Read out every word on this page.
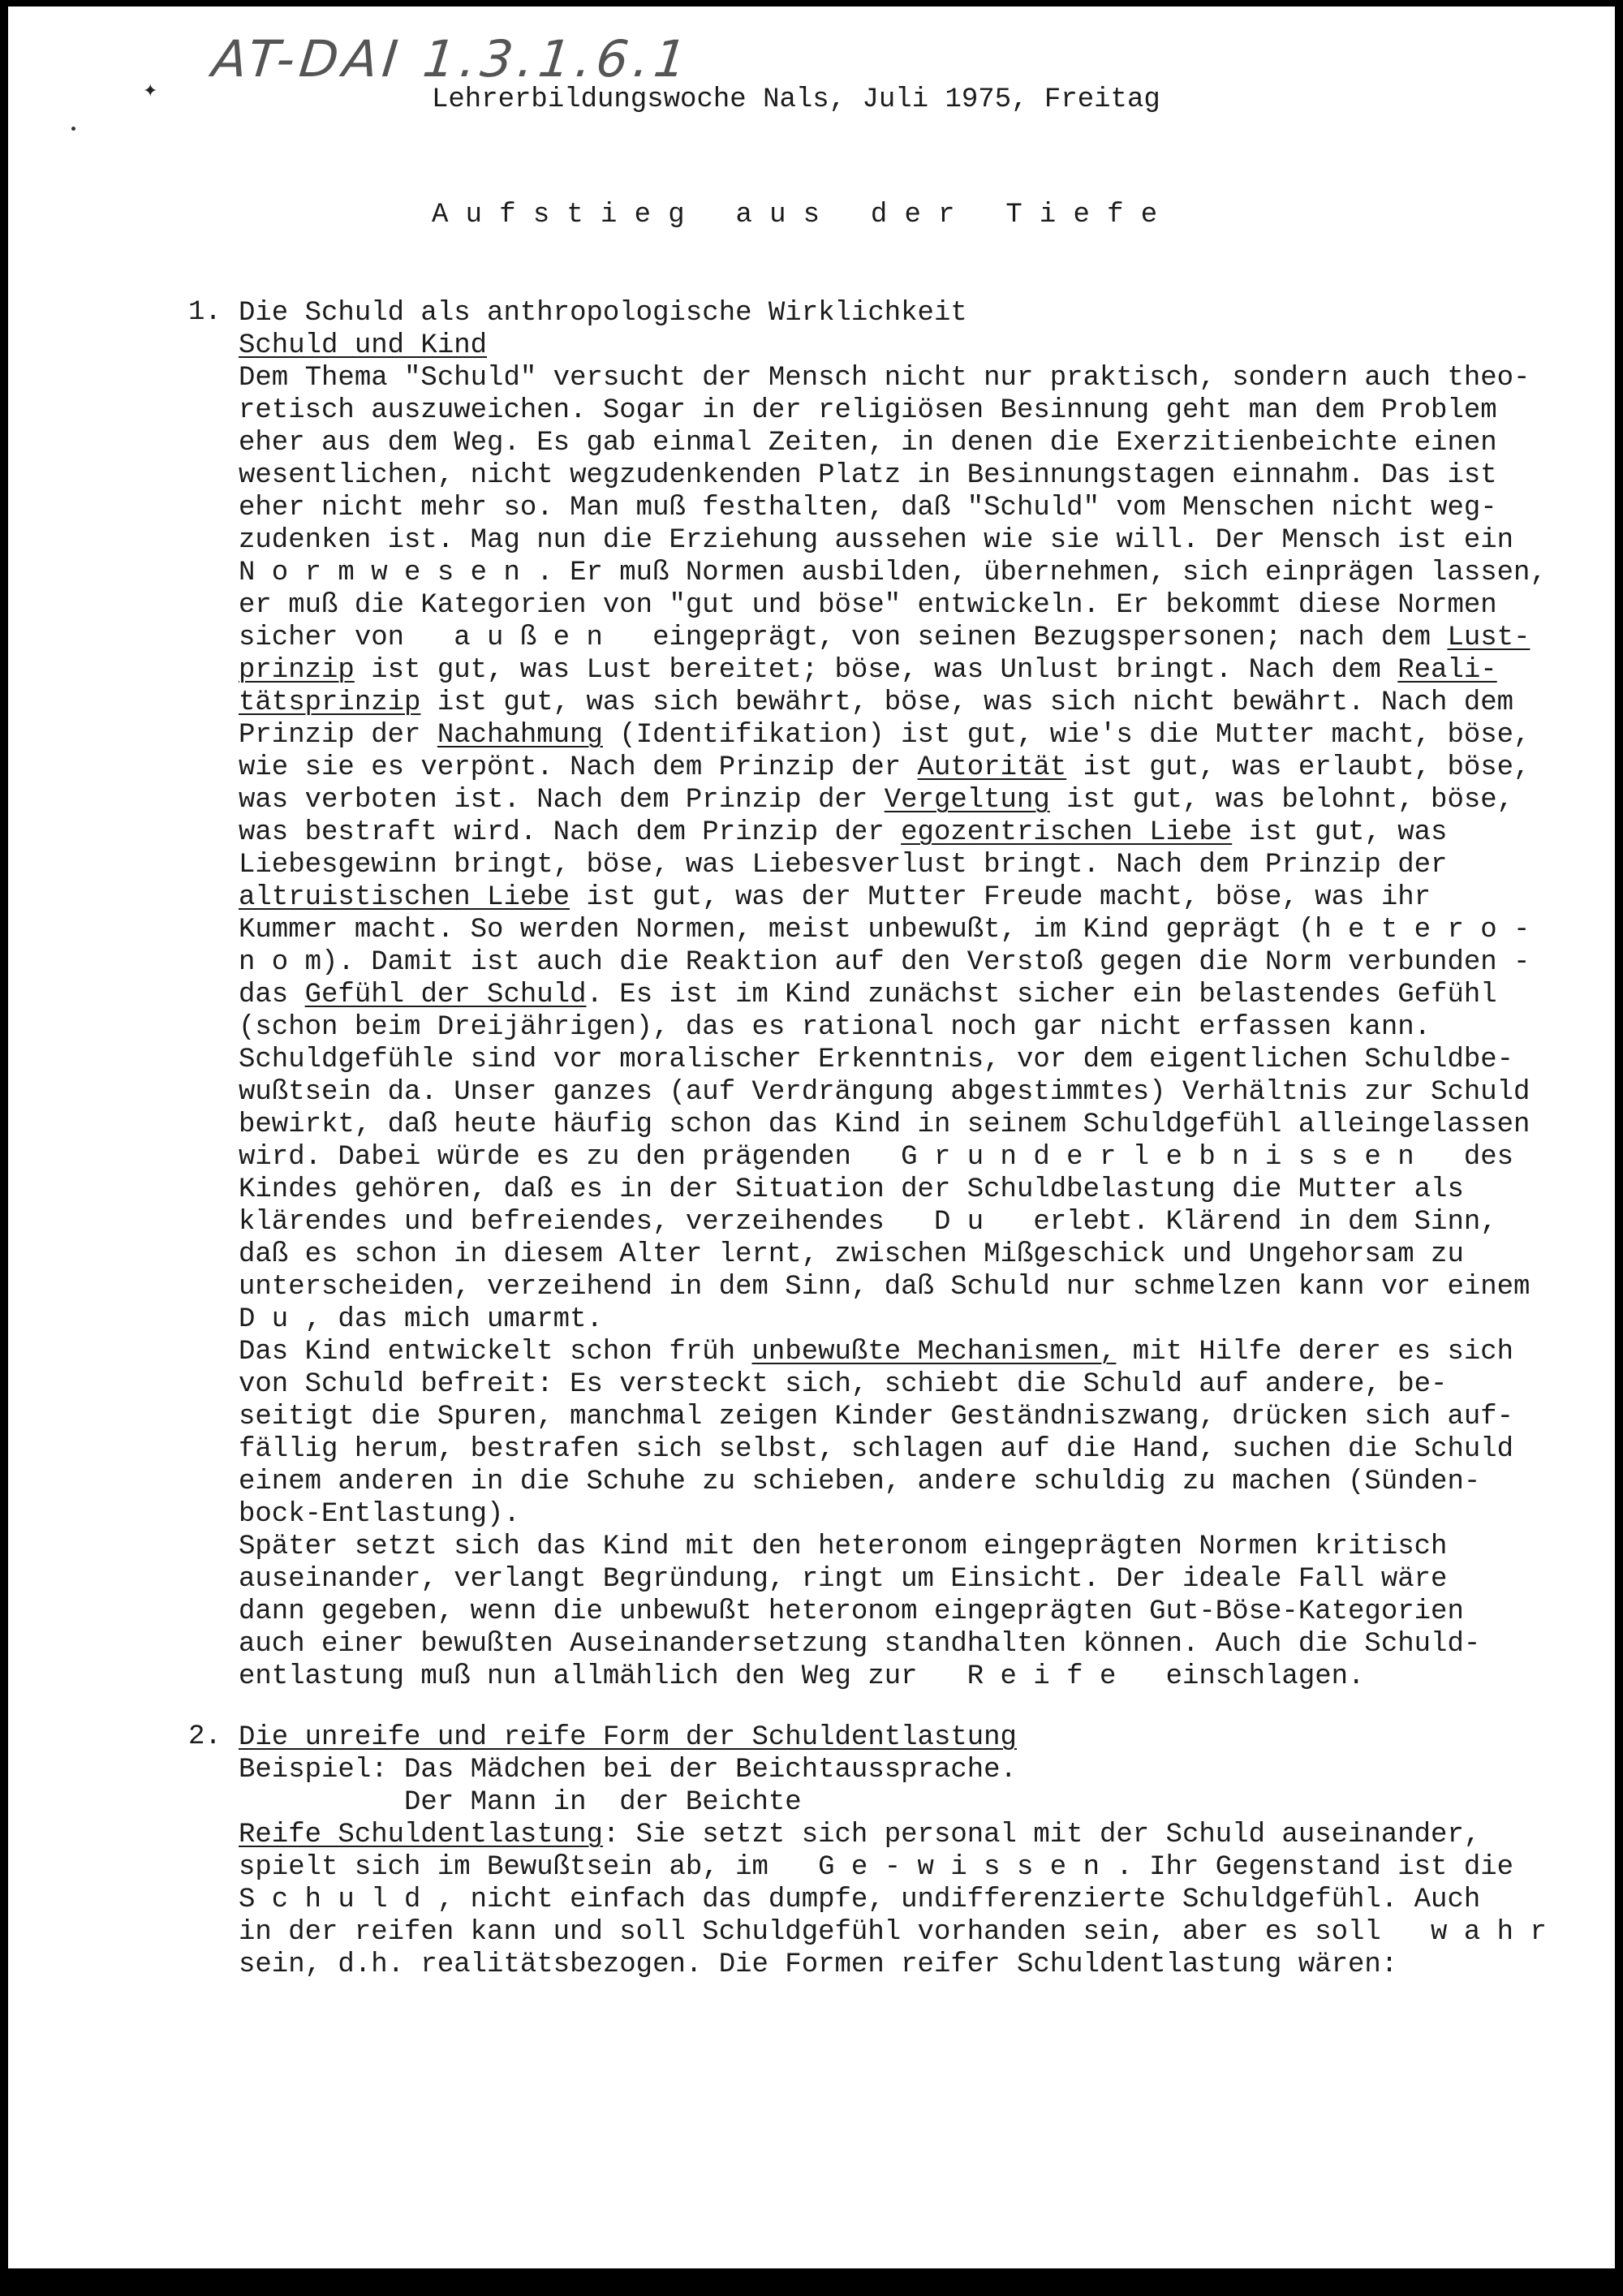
AT-DAI 1.3.1.6.1
✦	Lehrerbildungswoche Nals, Juli 1975, Freitag
A u f s t i e g   a u s   d e r   T i e f e
1. Die Schuld als anthropologische Wirklichkeit
Schuld und Kind
Dem Thema "Schuld" versucht der Mensch nicht nur praktisch, sondern auch theo-
retisch auszuweichen. Sogar in der religiösen Besinnung geht man dem Problem
eher aus dem Weg. Es gab einmal Zeiten, in denen die Exerzitienbeichte einen
wesentlichen, nicht wegzudenkenden Platz in Besinnungstagen einnahm. Das ist
eher nicht mehr so. Man muß festhalten, daß "Schuld" vom Menschen nicht weg-
zudenken ist. Mag nun die Erziehung aussehen wie sie will. Der Mensch ist ein
N o r m w e s e n . Er muß Normen ausbilden, übernehmen, sich einprägen lassen,
er muß die Kategorien von "gut und böse" entwickeln. Er bekommt diese Normen
sicher von   a u ß e n   eingeprägt, von seinen Bezugspersonen; nach dem Lust-
prinzip ist gut, was Lust bereitet; böse, was Unlust bringt. Nach dem Reali-
tätsprinzip ist gut, was sich bewährt, böse, was sich nicht bewährt. Nach dem
Prinzip der Nachahmung (Identifikation) ist gut, wie's die Mutter macht, böse,
wie sie es verpönt. Nach dem Prinzip der Autorität ist gut, was erlaubt, böse,
was verboten ist. Nach dem Prinzip der Vergeltung ist gut, was belohnt, böse,
was bestraft wird. Nach dem Prinzip der egozentrischen Liebe ist gut, was
Liebesgewinn bringt, böse, was Liebesverlust bringt. Nach dem Prinzip der
altruistischen Liebe ist gut, was der Mutter Freude macht, böse, was ihr
Kummer macht. So werden Normen, meist unbewußt, im Kind geprägt (h e t e r o -
n o m). Damit ist auch die Reaktion auf den Verstoß gegen die Norm verbunden -
das Gefühl der Schuld. Es ist im Kind zunächst sicher ein belastendes Gefühl
(schon beim Dreijährigen), das es rational noch gar nicht erfassen kann.
Schuldgefühle sind vor moralischer Erkenntnis, vor dem eigentlichen Schuldbe-
wußtsein da. Unser ganzes (auf Verdrängung abgestimmtes) Verhältnis zur Schuld
bewirkt, daß heute häufig schon das Kind in seinem Schuldgefühl alleingelassen
wird. Dabei würde es zu den prägenden   G r u n d e r l e b n i s s e n   des
Kindes gehören, daß es in der Situation der Schuldbelastung die Mutter als
klärendes und befreiendes, verzeihendes   D u   erlebt. Klärend in dem Sinn,
daß es schon in diesem Alter lernt, zwischen Mißgeschick und Ungehorsam zu
unterscheiden, verzeihend in dem Sinn, daß Schuld nur schmelzen kann vor einem
D u , das mich umarmt.
Das Kind entwickelt schon früh unbewußte Mechanismen, mit Hilfe derer es sich
von Schuld befreit: Es versteckt sich, schiebt die Schuld auf andere, be-
seitigt die Spuren, manchmal zeigen Kinder Geständniszwang, drücken sich auf-
fällig herum, bestrafen sich selbst, schlagen auf die Hand, suchen die Schuld
einem anderen in die Schuhe zu schieben, andere schuldig zu machen (Sünden-
bock-Entlastung).
Später setzt sich das Kind mit den heteronom eingeprägten Normen kritisch
auseinander, verlangt Begründung, ringt um Einsicht. Der ideale Fall wäre
dann gegeben, wenn die unbewußt heteronom eingeprägten Gut-Böse-Kategorien
auch einer bewußten Auseinandersetzung standhalten können. Auch die Schuld-
entlastung muß nun allmählich den Weg zur   R e i f e   einschlagen.
2. Die unreife und reife Form der Schuldentlastung
Beispiel: Das Mädchen bei der Beichtaussprache.
Der Mann in  der Beichte
Reife Schuldentlastung: Sie setzt sich personal mit der Schuld auseinander,
spielt sich im Bewußtsein ab, im   G e - w i s s e n . Ihr Gegenstand ist die
S c h u l d , nicht einfach das dumpfe, undifferenzierte Schuldgefühl. Auch
in der reifen kann und soll Schuldgefühl vorhanden sein, aber es soll   w a h r
sein, d.h. realitätsbezogen. Die Formen reifer Schuldentlastung wären:
